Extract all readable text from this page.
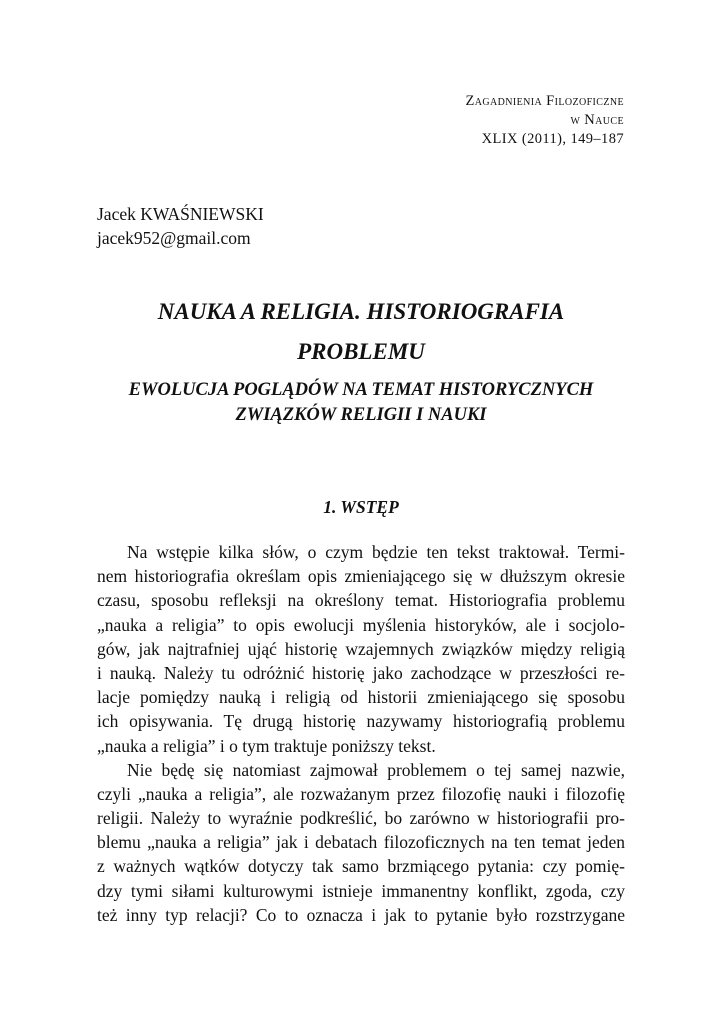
Zagadnienia Filozoficzne
w Nauce
XLIX (2011), 149–187
Jacek KWAŚNIEWSKI
jacek952@gmail.com
NAUKA A RELIGIA. HISTORIOGRAFIA
PROBLEMU
EWOLUCJA POGLĄDÓW NA TEMAT HISTORYCZNYCH
ZWIĄZKÓW RELIGII I NAUKI
1. WSTĘP
Na wstępie kilka słów, o czym będzie ten tekst traktował. Termi-
nem historiografia określam opis zmieniającego się w dłuższym okresie
czasu, sposobu refleksji na określony temat. Historiografia problemu
„nauka a religia” to opis ewolucji myślenia historyków, ale i socjolo-
gów, jak najtrafniej ująć historię wzajemnych związków między religią
i nauką. Należy tu odróżnić historię jako zachodzące w przeszłości re-
lacje pomiędzy nauką i religią od historii zmieniającego się sposobu
ich opisywania. Tę drugą historię nazywamy historiografią problemu
„nauka a religia” i o tym traktuje poniższy tekst.
Nie będę się natomiast zajmował problemem o tej samej nazwie,
czyli „nauka a religia”, ale rozważanym przez filozofię nauki i filozofię
religii. Należy to wyraźnie podkreślić, bo zarówno w historiografii pro-
blemu „nauka a religia” jak i debatach filozoficznych na ten temat jeden
z ważnych wątków dotyczy tak samo brzmiącego pytania: czy pomię-
dzy tymi siłami kulturowymi istnieje immanentny konflikt, zgoda, czy
też inny typ relacji? Co to oznacza i jak to pytanie było rozstrzygane
